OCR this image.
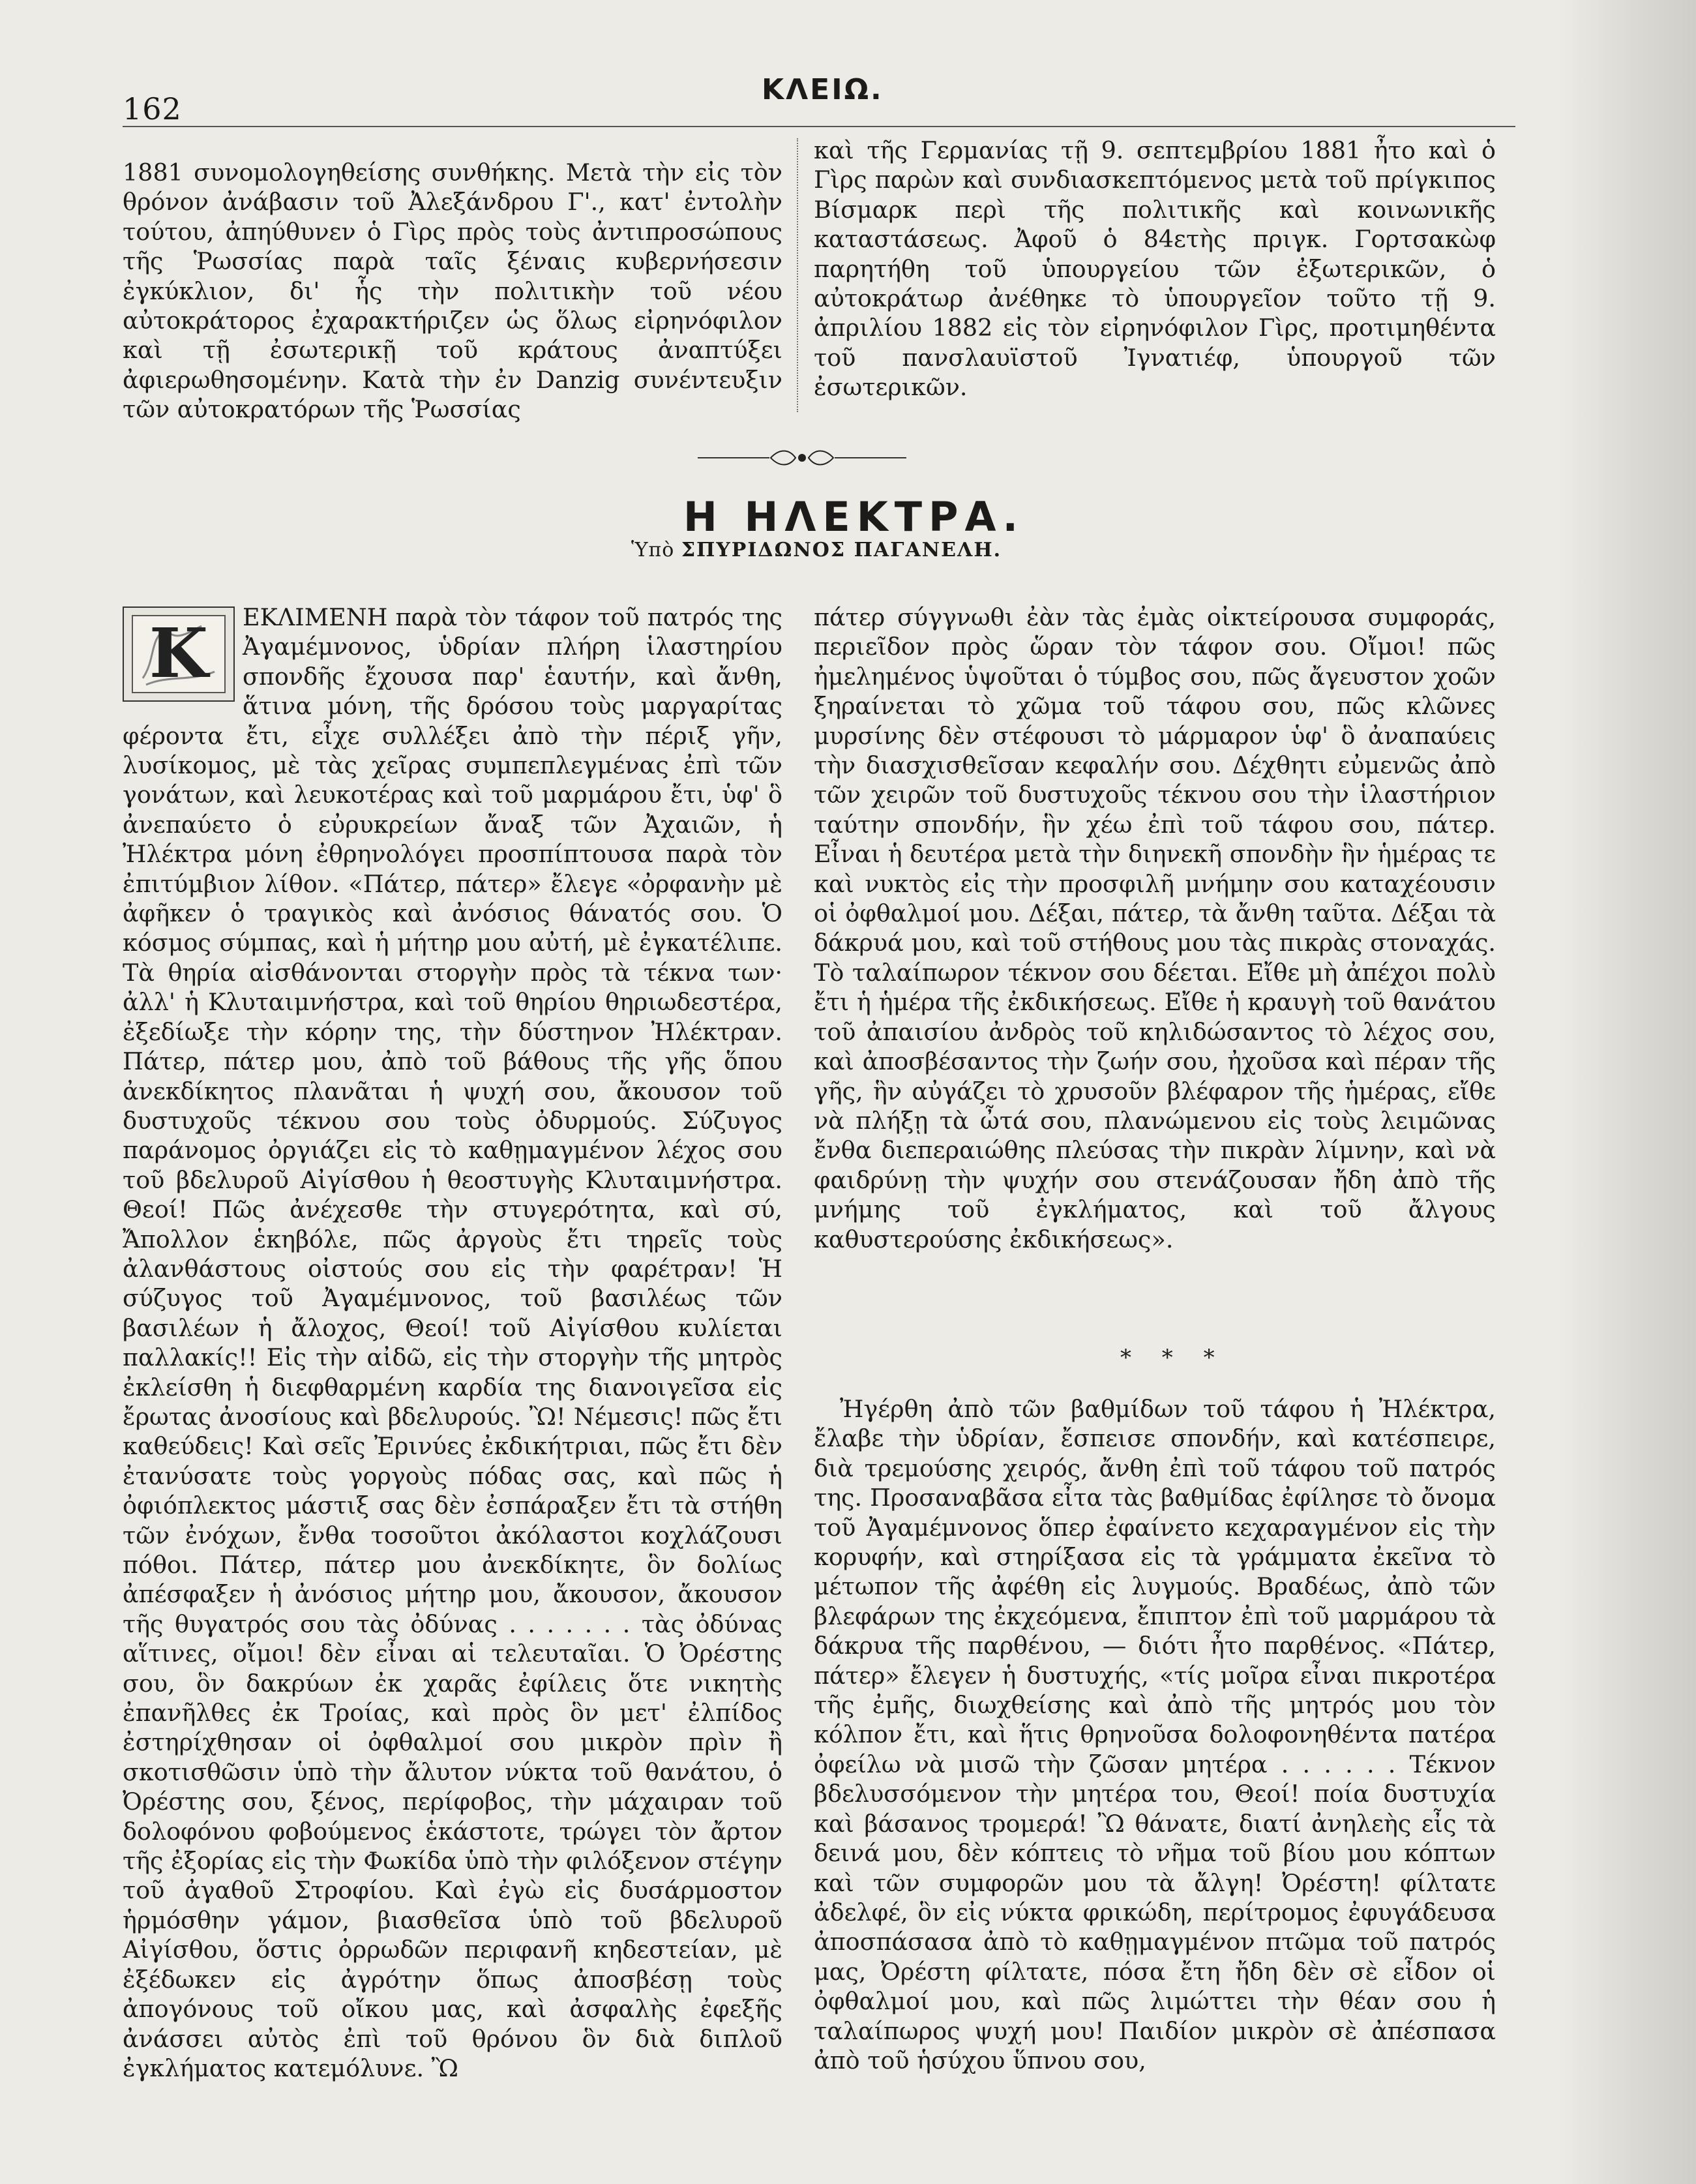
162
ΚΛΕΙΩ.

1881 συνομολογηθείσης συνθήκης. Μετὰ τὴν εἰς τὸν θρόνον ἀνάβασιν τοῦ Ἀλεξάνδρου Γ'., κατ' ἐντολὴν τούτου, ἀπηύθυνεν ὁ Γὶρς πρὸς τοὺς ἀντιπροσώπους τῆς Ῥωσσίας παρὰ ταῖς ξέναις κυβερνήσεσιν ἐγκύκλιον, δι' ἧς τὴν πολιτικὴν τοῦ νέου αὐτοκράτορος ἐχαρακτήριζεν ὡς ὅλως εἰρηνόφιλον καὶ τῇ ἐσωτερικῇ τοῦ κράτους ἀναπτύξει ἀφιερωθησομένην. Κατὰ τὴν ἐν Danzig συνέντευξιν τῶν αὐτοκρατόρων τῆς Ῥωσσίας

καὶ τῆς Γερμανίας τῇ 9. σεπτεμβρίου 1881 ἦτο καὶ ὁ Γὶρς παρὼν καὶ συνδιασκεπτόμενος μετὰ τοῦ πρίγκιπος Βίσμαρκ περὶ τῆς πολιτικῆς καὶ κοινωνικῆς καταστάσεως. Ἀφοῦ ὁ 84ετὴς πριγκ. Γορτσακὼφ παρητήθη τοῦ ὑπουργείου τῶν ἐξωτερικῶν, ὁ αὐτοκράτωρ ἀνέθηκε τὸ ὑπουργεῖον τοῦτο τῇ 9. ἀπριλίου 1882 εἰς τὸν εἰρηνόφιλον Γὶρς, προτιμηθέντα τοῦ πανσλαυϊστοῦ Ἰγνατιέφ, ὑπουργοῦ τῶν ἐσωτερικῶν.

Η ΗΛΕΚΤΡΑ.
Ὑπὸ ΣΠΥΡΙΔΩΝΟΣ ΠΑΓΑΝΕΛΗ.
Κ	ΕΚΛΙΜΕΝΗ παρὰ τὸν τάφον τοῦ πατρός της Ἀγαμέμνονος, ὑδρίαν πλήρη ἱλαστηρίου σπονδῆς ἔχουσα παρ' ἑαυτήν, καὶ ἄνθη, ἅτινα μόνη, τῆς δρόσου τοὺς μαργαρίτας φέροντα ἔτι, εἶχε συλλέξει ἀπὸ τὴν πέριξ γῆν, λυσίκομος, μὲ τὰς χεῖρας συμπεπλεγμένας ἐπὶ τῶν γονάτων, καὶ λευκοτέρας καὶ τοῦ μαρμάρου ἔτι, ὑφ' ὃ ἀνεπαύετο ὁ εὐρυκρείων ἄναξ τῶν Ἀχαιῶν, ἡ Ἠλέκτρα μόνη ἐθρηνολόγει προσπίπτουσα παρὰ τὸν ἐπιτύμβιον λίθον. «Πάτερ, πάτερ» ἔλεγε «ὀρφανὴν μὲ ἀφῆκεν ὁ τραγικὸς καὶ ἀνόσιος θάνατός σου. Ὁ κόσμος σύμπας, καὶ ἡ μήτηρ μου αὐτή, μὲ ἐγκατέλιπε. Τὰ θηρία αἰσθάνονται στοργὴν πρὸς τὰ τέκνα των· ἀλλ' ἡ Κλυταιμνήστρα, καὶ τοῦ θηρίου θηριωδεστέρα, ἐξεδίωξε τὴν κόρην της, τὴν δύστηνον Ἠλέκτραν. Πάτερ, πάτερ μου, ἀπὸ τοῦ βάθους τῆς γῆς ὅπου ἀνεκδίκητος πλανᾶται ἡ ψυχή σου, ἄκουσον τοῦ δυστυχοῦς τέκνου σου τοὺς ὀδυρμούς. Σύζυγος παράνομος ὀργιάζει εἰς τὸ καθῃμαγμένον λέχος σου τοῦ βδελυροῦ Αἰγίσθου ἡ θεοστυγὴς Κλυταιμνήστρα. Θεοί! Πῶς ἀνέχεσθε τὴν στυγερότητα, καὶ σύ, Ἄπολλον ἑκηβόλε, πῶς ἀργοὺς ἔτι τηρεῖς τοὺς ἀλανθάστους οἰστούς σου εἰς τὴν φαρέτραν! Ἡ σύζυγος τοῦ Ἀγαμέμνονος, τοῦ βασιλέως τῶν βασιλέων ἡ ἄλοχος, Θεοί! τοῦ Αἰγίσθου κυλίεται παλλακίς!! Εἰς τὴν αἰδῶ, εἰς τὴν στοργὴν τῆς μητρὸς ἐκλείσθη ἡ διεφθαρμένη καρδία της διανοιγεῖσα εἰς ἔρωτας ἀνοσίους καὶ βδελυρούς. Ὢ! Νέμεσις! πῶς ἔτι καθεύδεις! Καὶ σεῖς Ἐρινύες ἐκδικήτριαι, πῶς ἔτι δὲν ἐτανύσατε τοὺς γοργοὺς πόδας σας, καὶ πῶς ἡ ὀφιόπλεκτος μάστιξ σας δὲν ἐσπάραξεν ἔτι τὰ στήθη τῶν ἐνόχων, ἔνθα τοσοῦτοι ἀκόλαστοι κοχλάζουσι πόθοι. Πάτερ, πάτερ μου ἀνεκδίκητε, ὃν δολίως ἀπέσφαξεν ἡ ἀνόσιος μήτηρ μου, ἄκουσον, ἄκουσον τῆς θυγατρός σου τὰς ὀδύνας . . . . . . . τὰς ὀδύνας αἵτινες, οἴμοι! δὲν εἶναι αἱ τελευταῖαι. Ὁ Ὀρέστης σου, ὃν δακρύων ἐκ χαρᾶς ἐφίλεις ὅτε νικητὴς ἐπανῆλθες ἐκ Τροίας, καὶ πρὸς ὃν μετ' ἐλπίδος ἐστηρίχθησαν οἱ ὀφθαλμοί σου μικρὸν πρὶν ἢ σκοτισθῶσιν ὑπὸ τὴν ἄλυτον νύκτα τοῦ θανάτου, ὁ Ὀρέστης σου, ξένος, περίφοβος, τὴν μάχαιραν τοῦ δολοφόνου φοβούμενος ἑκάστοτε, τρώγει τὸν ἄρτον τῆς ἐξορίας εἰς τὴν Φωκίδα ὑπὸ τὴν φιλόξενον στέγην τοῦ ἀγαθοῦ Στροφίου. Καὶ ἐγὼ εἰς δυσάρμοστον ἡρμόσθην γάμον, βιασθεῖσα ὑπὸ τοῦ βδελυροῦ Αἰγίσθου, ὅστις ὀρρωδῶν περιφανῆ κηδεστείαν, μὲ ἐξέδωκεν εἰς ἀγρότην ὅπως ἀποσβέσῃ τοὺς ἀπογόνους τοῦ οἴκου μας, καὶ ἀσφαλὴς ἐφεξῆς ἀνάσσει αὐτὸς ἐπὶ τοῦ θρόνου ὃν διὰ διπλοῦ ἐγκλήματος κατεμόλυνε. Ὢ

πάτερ σύγγνωθι ἐὰν τὰς ἐμὰς οἰκτείρουσα συμφοράς, περιεῖδον πρὸς ὥραν τὸν τάφον σου. Οἴμοι! πῶς ἠμελημένος ὑψοῦται ὁ τύμβος σου, πῶς ἄγευστον χοῶν ξηραίνεται τὸ χῶμα τοῦ τάφου σου, πῶς κλῶνες μυρσίνης δὲν στέφουσι τὸ μάρμαρον ὑφ' ὃ ἀναπαύεις τὴν διασχισθεῖσαν κεφαλήν σου. Δέχθητι εὐμενῶς ἀπὸ τῶν χειρῶν τοῦ δυστυχοῦς τέκνου σου τὴν ἱλαστήριον ταύτην σπονδήν, ἣν χέω ἐπὶ τοῦ τάφου σου, πάτερ. Εἶναι ἡ δευτέρα μετὰ τὴν διηνεκῆ σπονδὴν ἣν ἡμέρας τε καὶ νυκτὸς εἰς τὴν προσφιλῆ μνήμην σου καταχέουσιν οἱ ὀφθαλμοί μου. Δέξαι, πάτερ, τὰ ἄνθη ταῦτα. Δέξαι τὰ δάκρυά μου, καὶ τοῦ στήθους μου τὰς πικρὰς στοναχάς. Τὸ ταλαίπωρον τέκνον σου δέεται. Εἴθε μὴ ἀπέχοι πολὺ ἔτι ἡ ἡμέρα τῆς ἐκδικήσεως. Εἴθε ἡ κραυγὴ τοῦ θανάτου τοῦ ἀπαισίου ἀνδρὸς τοῦ κηλιδώσαντος τὸ λέχος σου, καὶ ἀποσβέσαντος τὴν ζωήν σου, ἠχοῦσα καὶ πέραν τῆς γῆς, ἣν αὐγάζει τὸ χρυσοῦν βλέφαρον τῆς ἡμέρας, εἴθε νὰ πλήξῃ τὰ ὦτά σου, πλανώμενου εἰς τοὺς λειμῶνας ἔνθα διεπεραιώθης πλεύσας τὴν πικρὰν λίμνην, καὶ νὰ φαιδρύνῃ τὴν ψυχήν σου στενάζουσαν ἤδη ἀπὸ τῆς μνήμης τοῦ ἐγκλήματος, καὶ τοῦ ἄλγους καθυστερούσης ἐκδικήσεως».

* * *

Ἠγέρθη ἀπὸ τῶν βαθμίδων τοῦ τάφου ἡ Ἠλέκτρα, ἔλαβε τὴν ὑδρίαν, ἔσπεισε σπονδήν, καὶ κατέσπειρε, διὰ τρεμούσης χειρός, ἄνθη ἐπὶ τοῦ τάφου τοῦ πατρός της. Προσαναβᾶσα εἶτα τὰς βαθμίδας ἐφίλησε τὸ ὄνομα τοῦ Ἀγαμέμνονος ὅπερ ἐφαίνετο κεχαραγμένον εἰς τὴν κορυφήν, καὶ στηρίξασα εἰς τὰ γράμματα ἐκεῖνα τὸ μέτωπον τῆς ἀφέθη εἰς λυγμούς. Βραδέως, ἀπὸ τῶν βλεφάρων της ἐκχεόμενα, ἔπιπτον ἐπὶ τοῦ μαρμάρου τὰ δάκρυα τῆς παρθένου, — διότι ἦτο παρθένος. «Πάτερ, πάτερ» ἔλεγεν ἡ δυστυχής, «τίς μοῖρα εἶναι πικροτέρα τῆς ἐμῆς, διωχθείσης καὶ ἀπὸ τῆς μητρός μου τὸν κόλπον ἔτι, καὶ ἥτις θρηνοῦσα δολοφονηθέντα πατέρα ὀφείλω νὰ μισῶ τὴν ζῶσαν μητέρα . . . . . . Τέκνον βδελυσσόμενον τὴν μητέρα του, Θεοί! ποία δυστυχία καὶ βάσανος τρομερά! Ὢ θάνατε, διατί ἀνηλεὴς εἶς τὰ δεινά μου, δὲν κόπτεις τὸ νῆμα τοῦ βίου μου κόπτων καὶ τῶν συμφορῶν μου τὰ ἄλγη! Ὀρέστη! φίλτατε ἀδελφέ, ὃν εἰς νύκτα φρικώδη, περίτρομος ἐφυγάδευσα ἀποσπάσασα ἀπὸ τὸ καθῃμαγμένον πτῶμα τοῦ πατρός μας, Ὀρέστη φίλτατε, πόσα ἔτη ἤδη δὲν σὲ εἶδον οἱ ὀφθαλμοί μου, καὶ πῶς λιμώττει τὴν θέαν σου ἡ ταλαίπωρος ψυχή μου! Παιδίον μικρὸν σὲ ἀπέσπασα ἀπὸ τοῦ ἡσύχου ὕπνου σου,
